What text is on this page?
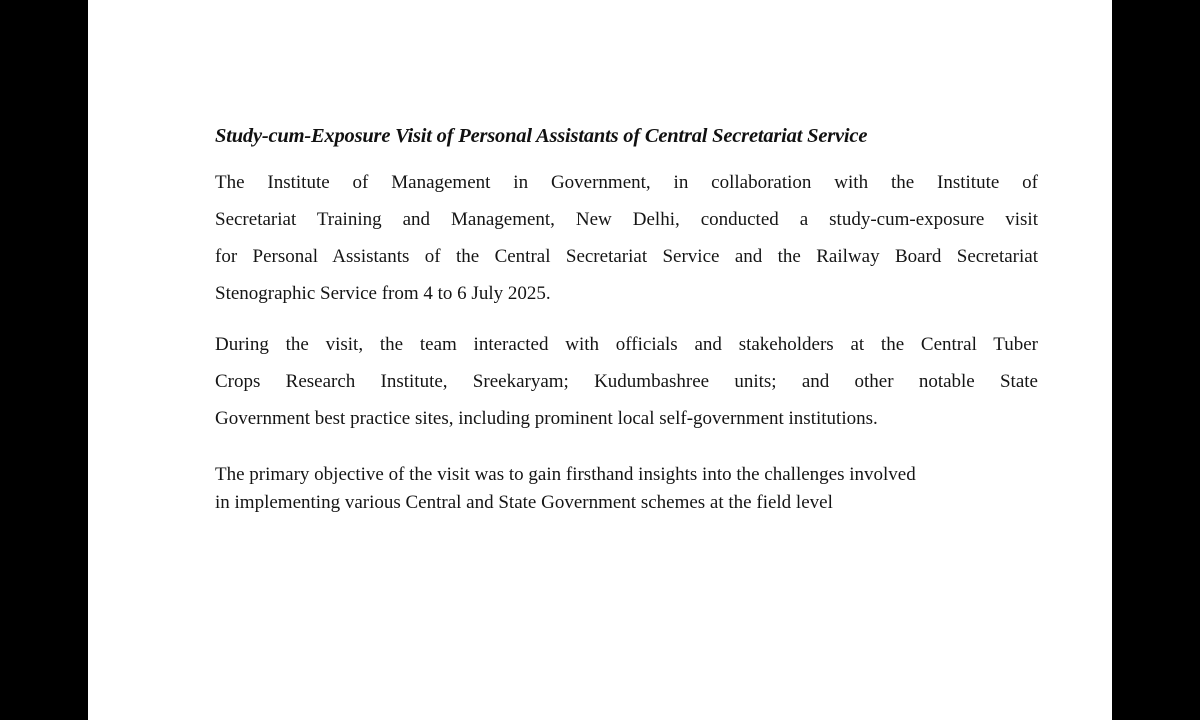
Study-cum-Exposure Visit of Personal Assistants of Central Secretariat Service
The Institute of Management in Government, in collaboration with the Institute of
Secretariat Training and Management, New Delhi, conducted a study-cum-exposure visit
for Personal Assistants of the Central Secretariat Service and the Railway Board Secretariat
Stenographic Service from 4 to 6 July 2025.
During the visit, the team interacted with officials and stakeholders at the Central Tuber
Crops Research Institute, Sreekaryam; Kudumbashree units; and other notable State
Government best practice sites, including prominent local self-government institutions.
The primary objective of the visit was to gain firsthand insights into the challenges involved
in implementing various Central and State Government schemes at the field level
